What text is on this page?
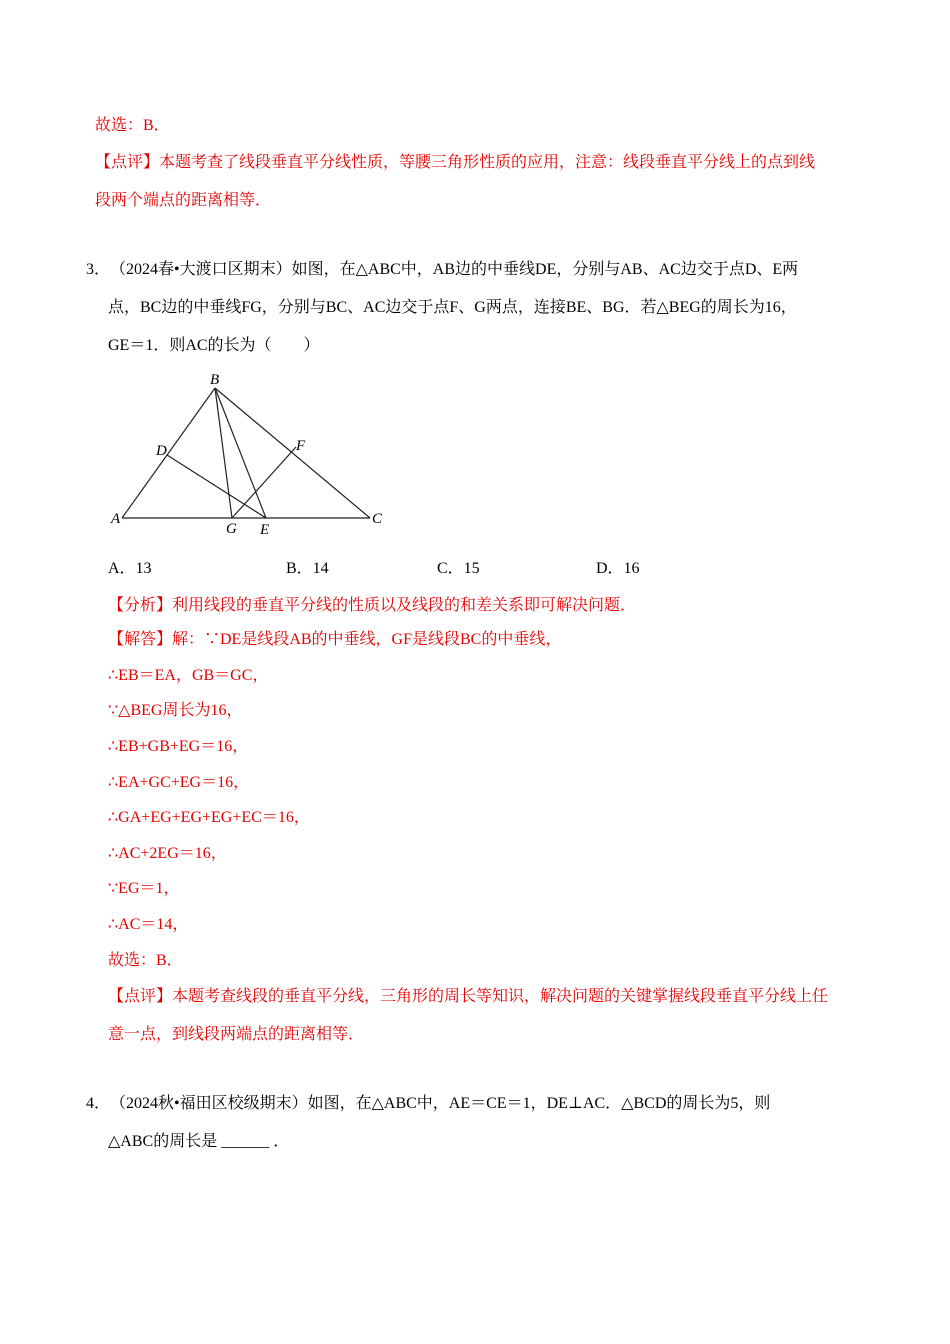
故选：B．
【点评】本题考查了线段垂直平分线性质，等腰三角形性质的应用，注意：线段垂直平分线上的点到线
段两个端点的距离相等．
3． （2024春•大渡口区期末）如图，在△ABC中，AB边的中垂线DE，分别与AB、AC边交于点D、E两
点，BC边的中垂线FG，分别与BC、AC边交于点F、G两点，连接BE、BG．若△BEG的周长为16，
GE＝1．则AC的长为（　　）
B
A	C
D	F
G E
A．13	B．14	C．15	D．16
【分析】利用线段的垂直平分线的性质以及线段的和差关系即可解决问题．
【解答】解：∵DE是线段AB的中垂线，GF是线段BC的中垂线，
∴EB＝EA，GB＝GC，
∵△BEG周长为16，
∴EB+GB+EG＝16，
∴EA+GC+EG＝16，
∴GA+EG+EG+EG+EC＝16，
∴AC+2EG＝16，
∵EG＝1，
∴AC＝14，
故选：B．
【点评】本题考查线段的垂直平分线，三角形的周长等知识，解决问题的关键掌握线段垂直平分线上任
意一点，到线段两端点的距离相等．
4． （2024秋•福田区校级期末）如图，在△ABC中，AE＝CE＝1，DE⊥AC．△BCD的周长为5，则
△ABC的周长是 ______ ．
